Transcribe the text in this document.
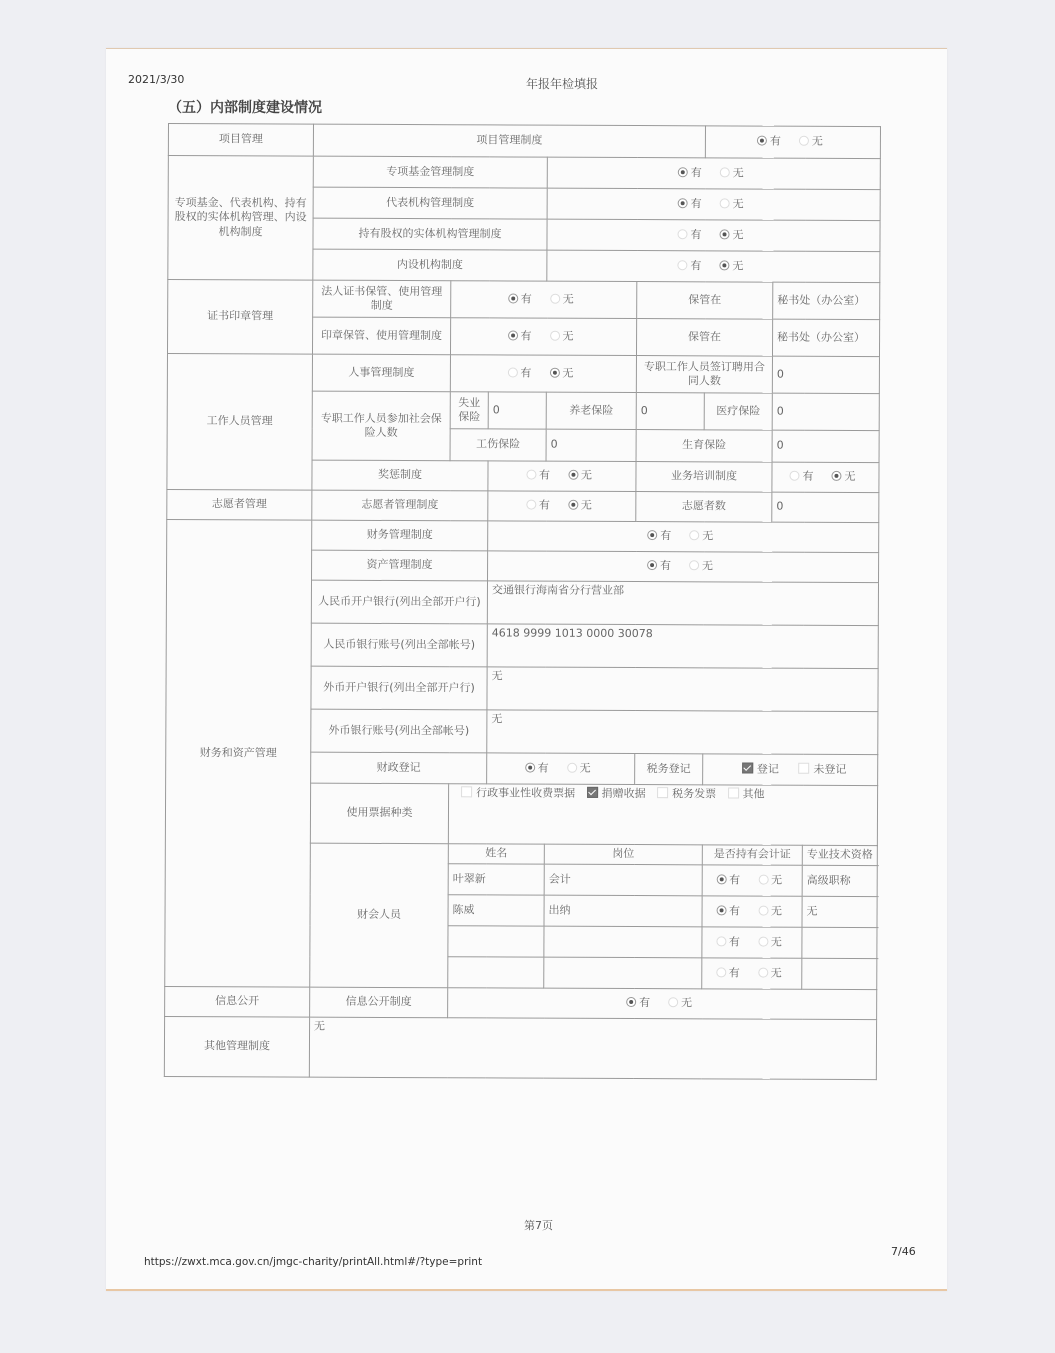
2021/3/30	年报年检填报
（五）内部制度建设情况
项目管理	项目管理制度					有 无		
专项基金、代表机构、持有股权的实体机构管理、内设机构制度	专项基金管理制度			有 无				
	代表机构管理制度			有 无				
	持有股权的实体机构管理制度			有 无				
	内设机构制度			有 无				
证书印章管理	法人证书保管、使用管理制度	有 无			保管在		秘书处（办公室）	
	印章保管、使用管理制度	有 无			保管在		秘书处（办公室）	
工作人员管理	人事管理制度	有 无			专职工作人员签订聘用合同人数		0	
	专职工作人员参加社会保险人数	失业保险	0	养老保险	0	医疗保险	0	
		工伤保险		0	生育保险		0	
	奖惩制度		有 无		业务培训制度		有 无	
志愿者管理	志愿者管理制度		有 无		志愿者数		0	
财务和资产管理	财务管理制度		有 无					
	资产管理制度		有 无					
	人民币开户银行(列出全部开户行)		交通银行海南省分行营业部					
	人民币银行账号(列出全部帐号)		4618 9999 1013 0000 30078					
	外币开户银行(列出全部开户行)		无					
	外币银行账号(列出全部帐号)		无					
	财政登记		有 无		税务登记	登记 未登记		
	使用票据种类	行政事业性收费票据 捐赠收据 税务发票 其他						
	财会人员	姓名		岗位		是否持有会计证		专业技术资格
		叶翠新		会计		有 无		高级职称
		陈威		出纳		有 无		无
						有 无		
						有 无		
信息公开	信息公开制度	有 无						
其他管理制度	无							
第7页
https://zwxt.mca.gov.cn/jmgc-charity/printAll.html#/?type=print
7/46
